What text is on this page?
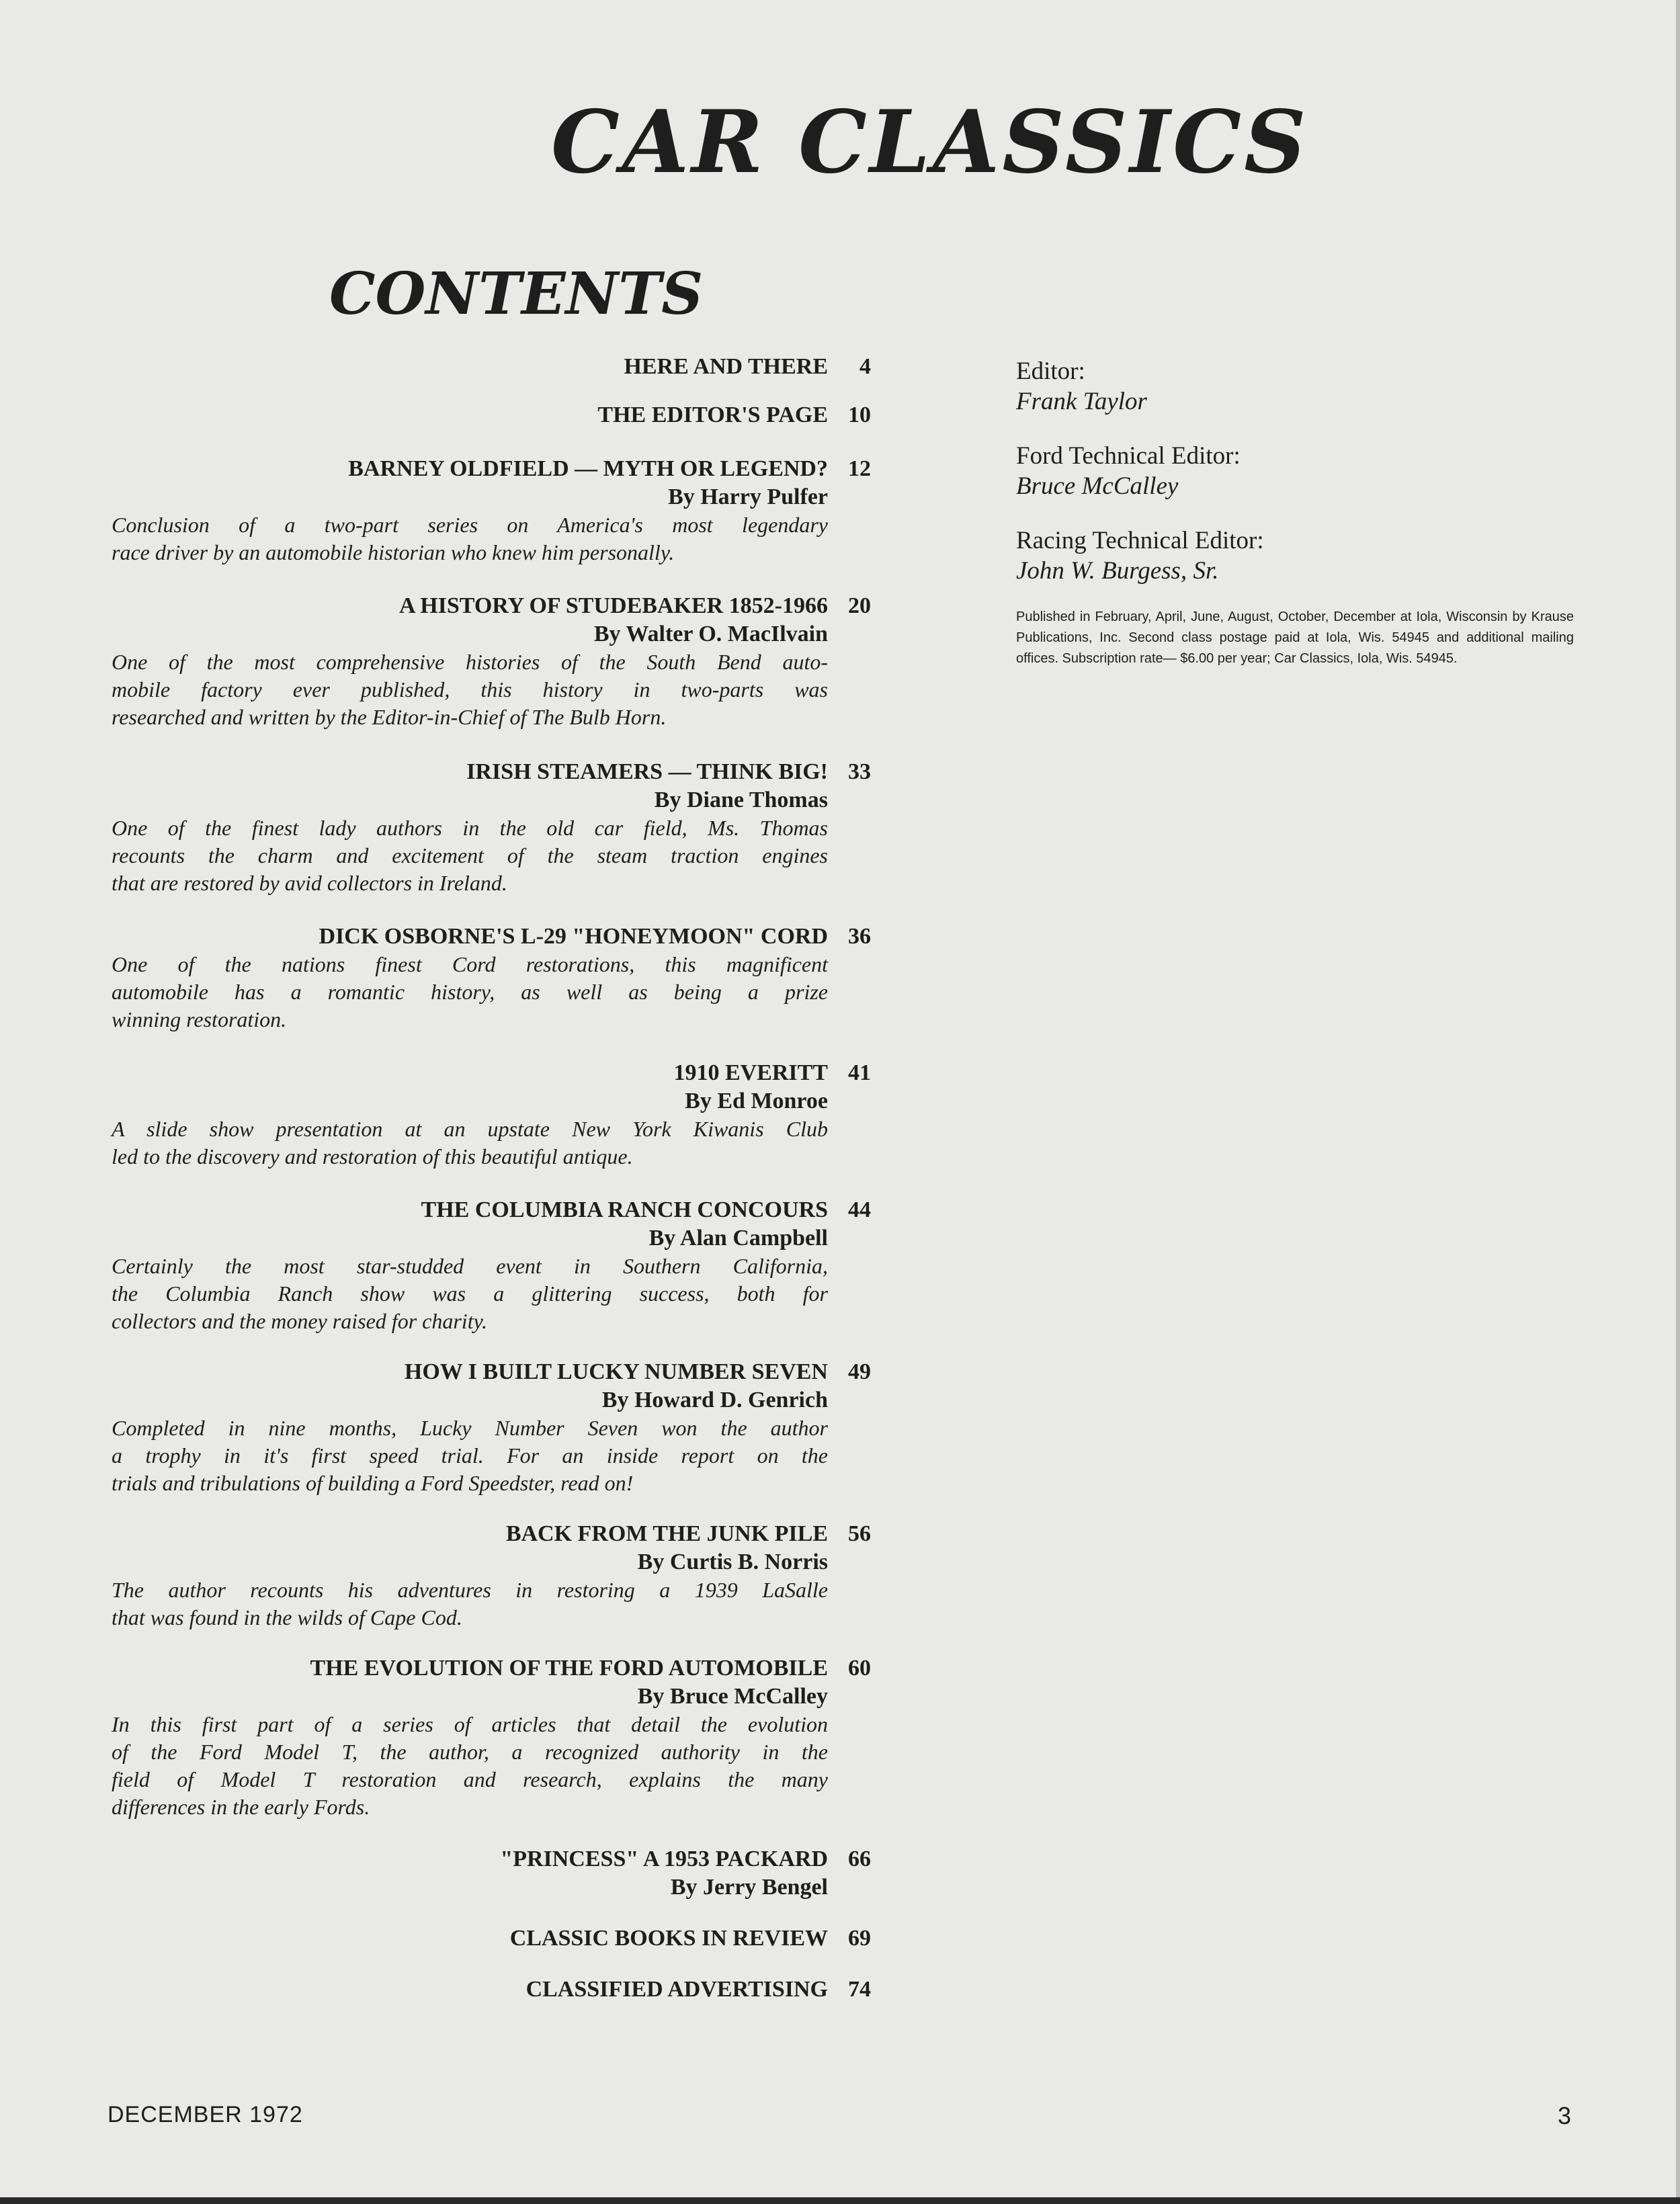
CAR CLASSICS
CONTENTS
HERE AND THERE	4
THE EDITOR'S PAGE 10
BARNEY OLDFIELD — MYTH OR LEGEND? 12
By Harry Pulfer
Conclusion of a two-part series on America's most legendary
race driver by an automobile historian who knew him personally.
A HISTORY OF STUDEBAKER 1852-1966 20
By Walter O. MacIlvain
One of the most comprehensive histories of the South Bend auto-
mobile factory ever published, this history in two-parts was
researched and written by the Editor-in-Chief of The Bulb Horn.
IRISH STEAMERS — THINK BIG! 33
By Diane Thomas
One of the finest lady authors in the old car field, Ms. Thomas
recounts the charm and excitement of the steam traction engines
that are restored by avid collectors in Ireland.
DICK OSBORNE'S L-29 "HONEYMOON" CORD 36
One of the nations finest Cord restorations, this magnificent
automobile has a romantic history, as well as being a prize
winning restoration.
1910 EVERITT 41
By Ed Monroe
A slide show presentation at an upstate New York Kiwanis Club
led to the discovery and restoration of this beautiful antique.
THE COLUMBIA RANCH CONCOURS 44
By Alan Campbell
Certainly the most star-studded event in Southern California,
the Columbia Ranch show was a glittering success, both for
collectors and the money raised for charity.
HOW I BUILT LUCKY NUMBER SEVEN 49
By Howard D. Genrich
Completed in nine months, Lucky Number Seven won the author
a trophy in it's first speed trial. For an inside report on the
trials and tribulations of building a Ford Speedster, read on!
BACK FROM THE JUNK PILE 56
By Curtis B. Norris
The author recounts his adventures in restoring a 1939 LaSalle
that was found in the wilds of Cape Cod.
THE EVOLUTION OF THE FORD AUTOMOBILE 60
By Bruce McCalley
In this first part of a series of articles that detail the evolution
of the Ford Model T, the author, a recognized authority in the
field of Model T restoration and research, explains the many
differences in the early Fords.
"PRINCESS" A 1953 PACKARD 66
By Jerry Bengel
CLASSIC BOOKS IN REVIEW 69
CLASSIFIED ADVERTISING 74
Editor:
Frank Taylor
Ford Technical Editor:
Bruce McCalley
Racing Technical Editor:
John W. Burgess, Sr.
Published in February, April, June, August, October, December at Iola, Wisconsin by Krause Publications, Inc. Second class postage paid at Iola, Wis. 54945 and additional mailing offices. Subscription rate— $6.00 per year; Car Classics, Iola, Wis. 54945.
DECEMBER 1972	3
